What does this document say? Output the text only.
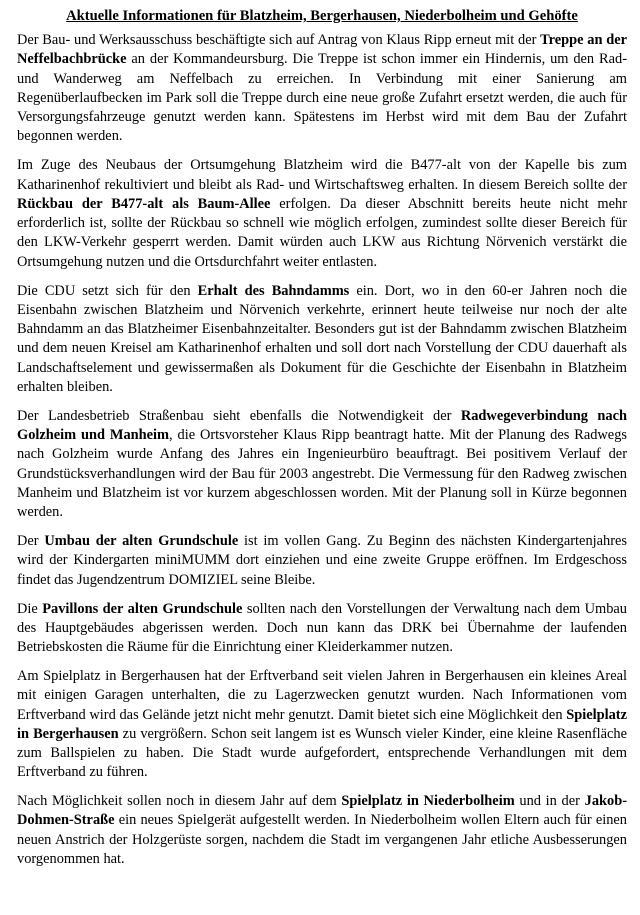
Aktuelle Informationen für Blatzheim, Bergerhausen, Niederbolheim und Gehöfte

Der Bau- und Werksausschuss beschäftigte sich auf Antrag von Klaus Ripp erneut mit der Treppe an der Neffelbachbrücke an der Kommandeursburg. Die Treppe ist schon immer ein Hindernis, um den Rad- und Wanderweg am Neffelbach zu erreichen. In Verbindung mit einer Sanierung am Regenüberlaufbecken im Park soll die Treppe durch eine neue große Zufahrt ersetzt werden, die auch für Versorgungsfahrzeuge genutzt werden kann. Spätestens im Herbst wird mit dem Bau der Zufahrt begonnen werden.

Im Zuge des Neubaus der Ortsumgehung Blatzheim wird die B477-alt von der Kapelle bis zum Katharinenhof rekultiviert und bleibt als Rad- und Wirtschaftsweg erhalten. In diesem Bereich sollte der Rückbau der B477-alt als Baum-Allee erfolgen. Da dieser Abschnitt bereits heute nicht mehr erforderlich ist, sollte der Rückbau so schnell wie möglich erfolgen, zumindest sollte dieser Bereich für den LKW-Verkehr gesperrt werden. Damit würden auch LKW aus Richtung Nörvenich verstärkt die Ortsumgehung nutzen und die Ortsdurchfahrt weiter entlasten.

Die CDU setzt sich für den Erhalt des Bahndamms ein. Dort, wo in den 60-er Jahren noch die Eisenbahn zwischen Blatzheim und Nörvenich verkehrte, erinnert heute teilweise nur noch der alte Bahndamm an das Blatzheimer Eisenbahnzeitalter. Besonders gut ist der Bahndamm zwischen Blatzheim und dem neuen Kreisel am Katharinenhof erhalten und soll dort nach Vorstellung der CDU dauerhaft als Landschaftselement und gewissermaßen als Dokument für die Geschichte der Eisenbahn in Blatzheim erhalten bleiben.

Der Landesbetrieb Straßenbau sieht ebenfalls die Notwendigkeit der Radwegeverbindung nach Golzheim und Manheim, die Ortsvorsteher Klaus Ripp beantragt hatte. Mit der Planung des Radwegs nach Golzheim wurde Anfang des Jahres ein Ingenieurbüro beauftragt. Bei positivem Verlauf der Grundstücksverhandlungen wird der Bau für 2003 angestrebt. Die Vermessung für den Radweg zwischen Manheim und Blatzheim ist vor kurzem abgeschlossen worden. Mit der Planung soll in Kürze begonnen werden.

Der Umbau der alten Grundschule ist im vollen Gang. Zu Beginn des nächsten Kindergartenjahres wird der Kindergarten miniMUMM dort einziehen und eine zweite Gruppe eröffnen. Im Erdgeschoss findet das Jugendzentrum DOMIZIEL seine Bleibe.

Die Pavillons der alten Grundschule sollten nach den Vorstellungen der Verwaltung nach dem Umbau des Hauptgebäudes abgerissen werden. Doch nun kann das DRK bei Übernahme der laufenden Betriebskosten die Räume für die Einrichtung einer Kleiderkammer nutzen.

Am Spielplatz in Bergerhausen hat der Erftverband seit vielen Jahren in Bergerhausen ein kleines Areal mit einigen Garagen unterhalten, die zu Lagerzwecken genutzt wurden. Nach Informationen vom Erftverband wird das Gelände jetzt nicht mehr genutzt. Damit bietet sich eine Möglichkeit den Spielplatz in Bergerhausen zu vergrößern. Schon seit langem ist es Wunsch vieler Kinder, eine kleine Rasenfläche zum Ballspielen zu haben. Die Stadt wurde aufgefordert, entsprechende Verhandlungen mit dem Erftverband zu führen.

Nach Möglichkeit sollen noch in diesem Jahr auf dem Spielplatz in Niederbolheim und in der Jakob-Dohmen-Straße ein neues Spielgerät aufgestellt werden. In Niederbolheim wollen Eltern auch für einen neuen Anstrich der Holzgerüste sorgen, nachdem die Stadt im vergangenen Jahr etliche Ausbesserungen vorgenommen hat.
